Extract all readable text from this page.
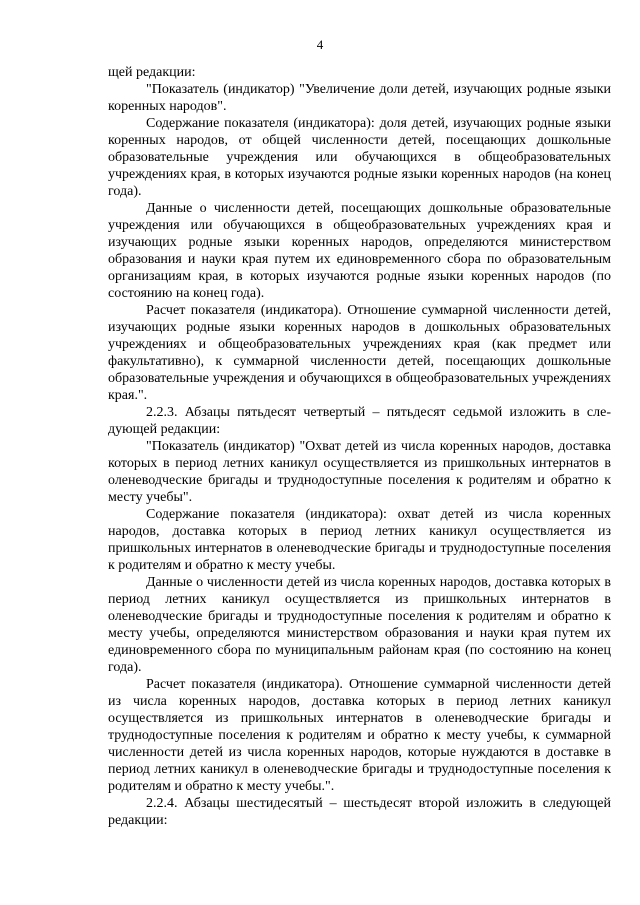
4

щей редакции:

"Показатель (индикатор) "Увеличение доли детей, изучающих родные языки коренных народов".

Содержание показателя (индикатора): доля детей, изучающих родные языки коренных народов, от общей численности детей, посещающих дошкольные образовательные учреждения или обучающихся в общеобразовательных учреждениях края, в которых изучаются родные языки коренных народов (на конец года).

Данные о численности детей, посещающих дошкольные образовательные учреждения или обучающихся в общеобразовательных учреждениях края и изучающих родные языки коренных народов, определяются министерством образования и науки края путем их единовременного сбора по образовательным организациям края, в которых изучаются родные языки коренных народов (по состоянию на конец года).

Расчет показателя (индикатора). Отношение суммарной численности детей, изучающих родные языки коренных народов в дошкольных образовательных учреждениях и общеобразовательных учреждениях края (как предмет или факультативно), к суммарной численности детей, посещающих дошкольные образовательные учреждения и обучающихся в общеобразовательных учреждениях края.".

2.2.3. Абзацы пятьдесят четвертый – пятьдесят седьмой изложить в следующей редакции:

"Показатель (индикатор) "Охват детей из числа коренных народов, доставка которых в период летних каникул осуществляется из пришкольных интернатов в оленеводческие бригады и труднодоступные поселения к родителям и обратно к месту учебы".

Содержание показателя (индикатора): охват детей из числа коренных народов, доставка которых в период летних каникул осуществляется из пришкольных интернатов в оленеводческие бригады и труднодоступные поселения к родителям и обратно к месту учебы.

Данные о численности детей из числа коренных народов, доставка которых в период летних каникул осуществляется из пришкольных интернатов в оленеводческие бригады и труднодоступные поселения к родителям и обратно к месту учебы, определяются министерством образования и науки края путем их единовременного сбора по муниципальным районам края (по состоянию на конец года).

Расчет показателя (индикатора). Отношение суммарной численности детей из числа коренных народов, доставка которых в период летних каникул осуществляется из пришкольных интернатов в оленеводческие бригады и труднодоступные поселения к родителям и обратно к месту учебы, к суммарной численности детей из числа коренных народов, которые нуждаются в доставке в период летних каникул в оленеводческие бригады и труднодоступные поселения к родителям и обратно к месту учебы.".

2.2.4. Абзацы шестидесятый – шестьдесят второй изложить в следующей редакции:
